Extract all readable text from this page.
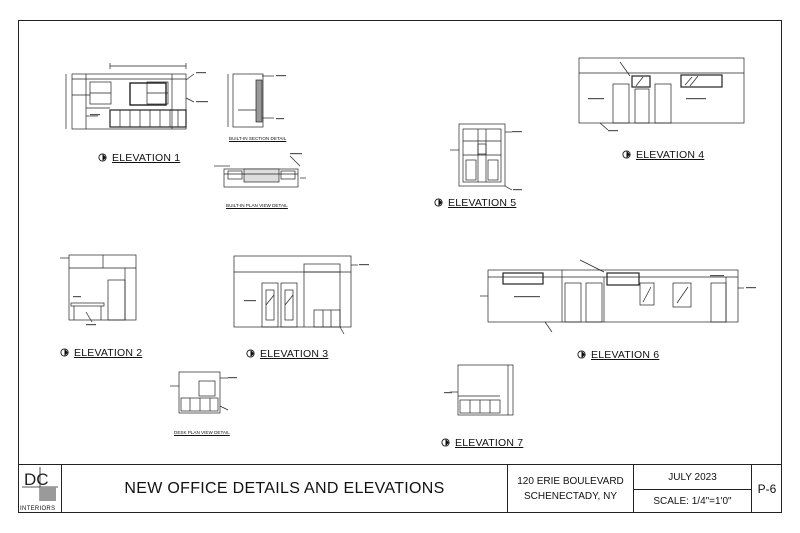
ELEVATION 1
ELEVATION 5
ELEVATION 4
ELEVATION 2	ELEVATION 3	ELEVATION 6
ELEVATION 7
BUILT-IN SECTION DETAIL
BUILT-IN PLAN VIEW DETAIL
DESK PLAN VIEW DETAIL
DC
INTERIORS
NEW OFFICE DETAILS AND ELEVATIONS	120 ERIE BOULEVARD
SCHENECTADY, NY
JULY 2023
SCALE: 1/4"=1'0"
P-6
